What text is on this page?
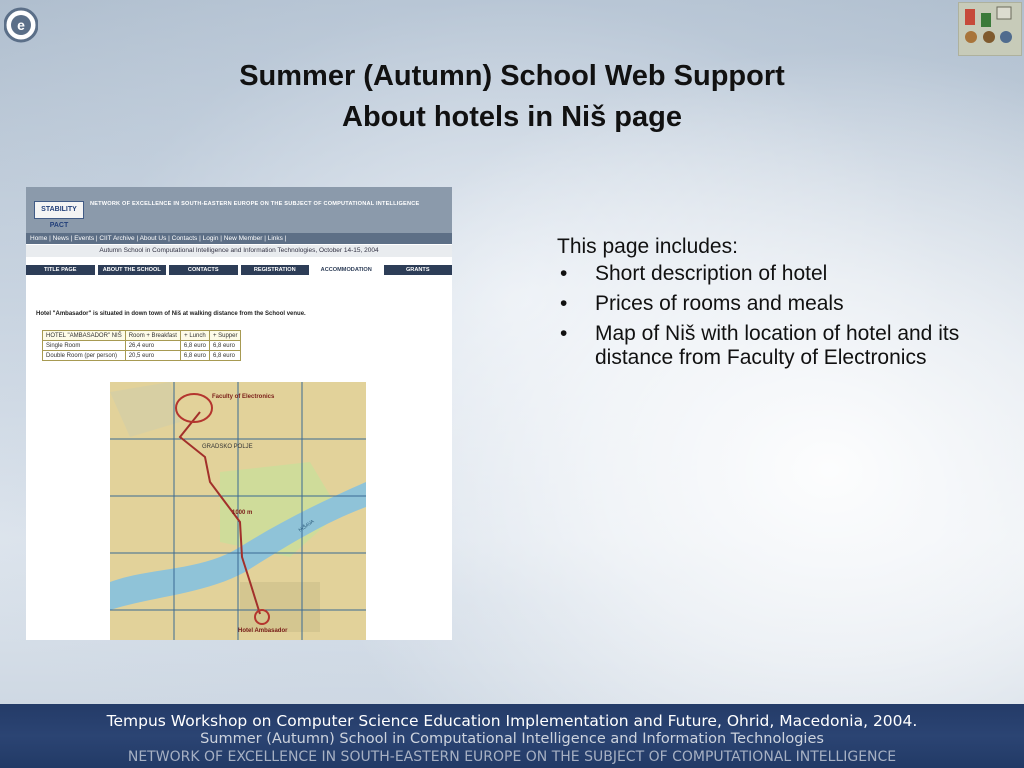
e
Summer (Autumn) School Web Support
About hotels in Niš page
STABILITY PACT
NETWORK OF EXCELLENCE IN SOUTH-EASTERN EUROPE ON THE SUBJECT OF COMPUTATIONAL INTELLIGENCE
Home | News | Events | CIIT Archive | About Us | Contacts | Login | New Member | Links |
Autumn School in Computational Intelligence and Information Technologies, October 14-15, 2004
TITLE PAGE	ABOUT THE SCHOOL	CONTACTS	REGISTRATION	ACCOMMODATION	GRANTS
Hotel "Ambasador" is situated in down town of Niš at walking distance from the School venue.
HOTEL "AMBASADOR" NIŠ	Room + Breakfast	+ Lunch	+ Supper
Single Room	26,4 euro	6,8 euro	6,8 euro
Double Room (per person)	20,5 euro	6,8 euro	6,8 euro
Faculty of Electronics
GRADSKO POLJE
1000 m
Hotel Ambasador
NIŠAVA
This page includes:
• Short description of hotel
• Prices of rooms and meals
• Map of Niš with location of hotel and its distance from Faculty of Electronics
Tempus Workshop on Computer Science Education Implementation and Future, Ohrid, Macedonia, 2004.
Summer (Autumn) School in Computational Intelligence and Information Technologies
NETWORK OF EXCELLENCE IN SOUTH-EASTERN EUROPE ON THE SUBJECT OF COMPUTATIONAL INTELLIGENCE
